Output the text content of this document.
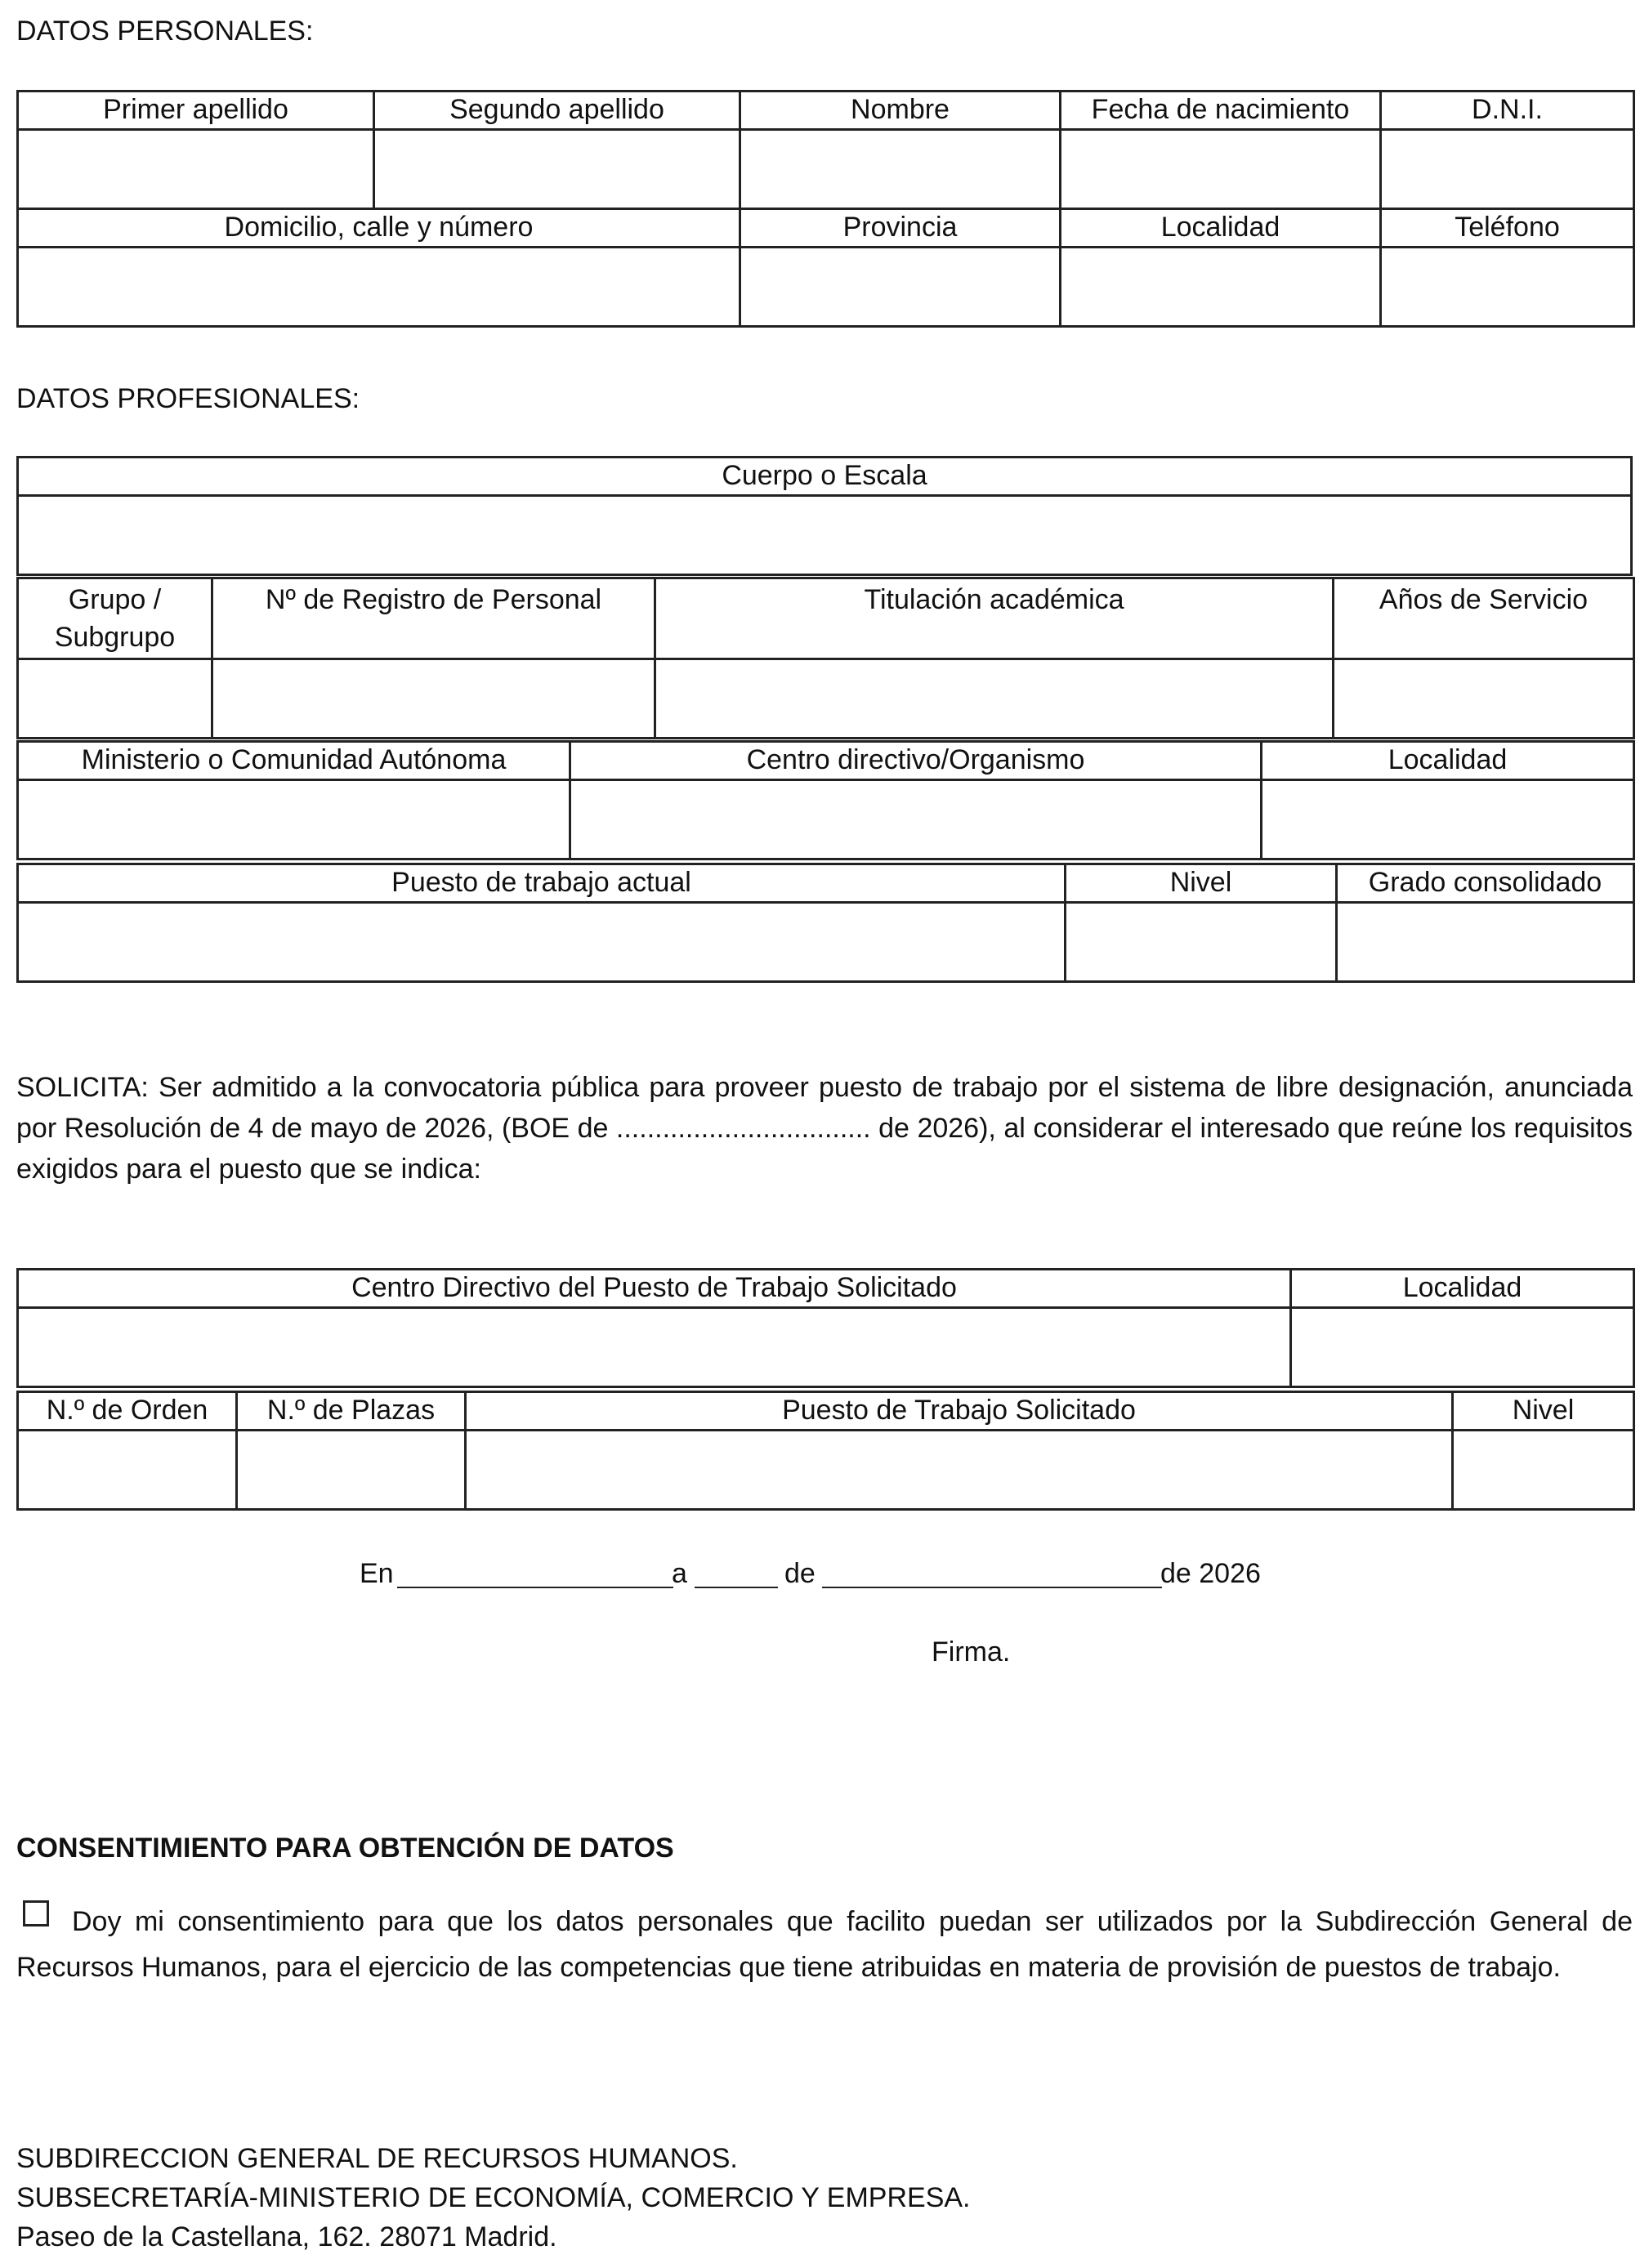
DATOS PERSONALES:
Primer apellido	Segundo apellido	Nombre	Fecha de nacimiento	D.N.I.

Domicilio, calle y número		Provincia	Localidad	Teléfono

DATOS PROFESIONALES:
Cuerpo o Escala

Grupo / Subgrupo	Nº de Registro de Personal	Titulación académica	Años de Servicio

Ministerio o Comunidad Autónoma	Centro directivo/Organismo	Localidad

Puesto de trabajo actual	Nivel	Grado consolidado

SOLICITA: Ser admitido a la convocatoria pública para proveer puesto de trabajo por el sistema de libre designación, anunciada por Resolución de 4 de mayo de 2026, (BOE de ................................. de 2026), al considerar el interesado que reúne los requisitos exigidos para el puesto que se indica:
Centro Directivo del Puesto de Trabajo Solicitado	Localidad

N.º de Orden	N.º de Plazas	Puesto de Trabajo Solicitado	Nivel

En	a	de	de 2026
Firma.
CONSENTIMIENTO PARA OBTENCIÓN DE DATOS
Doy mi consentimiento para que los datos personales que facilito puedan ser utilizados por la Subdirección General de Recursos Humanos, para el ejercicio de las competencias que tiene atribuidas en materia de provisión de puestos de trabajo.
SUBDIRECCION GENERAL DE RECURSOS HUMANOS.
SUBSECRETARÍA-MINISTERIO DE ECONOMÍA, COMERCIO Y EMPRESA.
Paseo de la Castellana, 162. 28071 Madrid.
